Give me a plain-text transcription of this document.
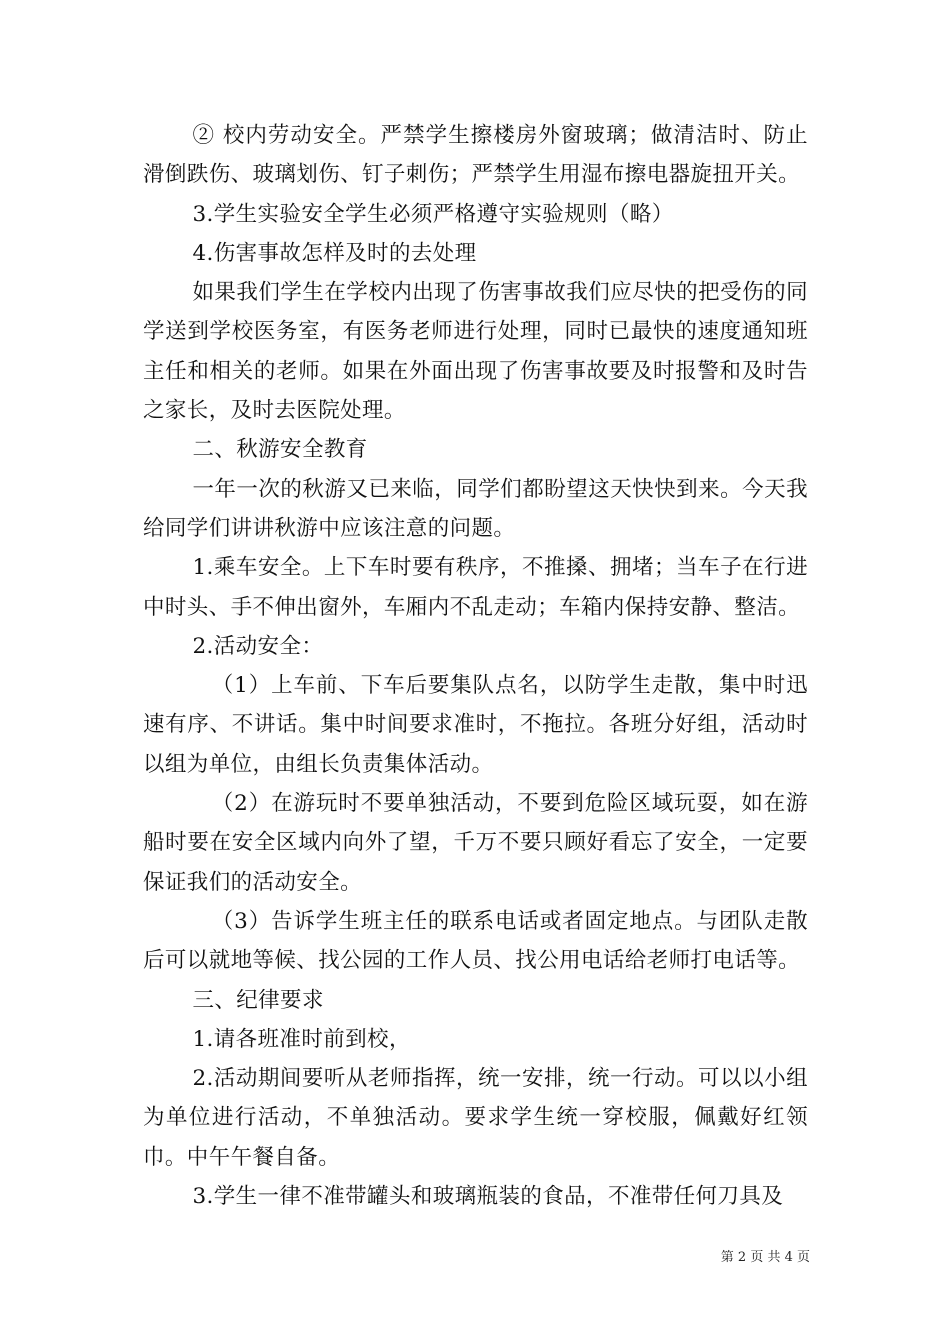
② 校内劳动安全。严禁学生擦楼房外窗玻璃；做清洁时、防止滑倒跌伤、玻璃划伤、钉子刺伤；严禁学生用湿布擦电器旋扭开关。

3.学生实验安全学生必须严格遵守实验规则（略）

4.伤害事故怎样及时的去处理

如果我们学生在学校内出现了伤害事故我们应尽快的把受伤的同学送到学校医务室，有医务老师进行处理，同时已最快的速度通知班主任和相关的老师。如果在外面出现了伤害事故要及时报警和及时告之家长，及时去医院处理。

二、秋游安全教育

一年一次的秋游又已来临，同学们都盼望这天快快到来。今天我给同学们讲讲秋游中应该注意的问题。

1.乘车安全。上下车时要有秩序，不推搡、拥堵；当车子在行进中时头、手不伸出窗外，车厢内不乱走动；车箱内保持安静、整洁。

2.活动安全：

（1）上车前、下车后要集队点名，以防学生走散，集中时迅速有序、不讲话。集中时间要求准时，不拖拉。各班分好组，活动时以组为单位，由组长负责集体活动。

（2）在游玩时不要单独活动，不要到危险区域玩耍，如在游船时要在安全区域内向外了望，千万不要只顾好看忘了安全，一定要保证我们的活动安全。

（3）告诉学生班主任的联系电话或者固定地点。与团队走散后可以就地等候、找公园的工作人员、找公用电话给老师打电话等。

三、纪律要求

1.请各班准时前到校，

2.活动期间要听从老师指挥，统一安排，统一行动。可以以小组为单位进行活动，不单独活动。要求学生统一穿校服，佩戴好红领巾。中午午餐自备。

3.学生一律不准带罐头和玻璃瓶装的食品，不准带任何刀具及

第 2 页 共 4 页
